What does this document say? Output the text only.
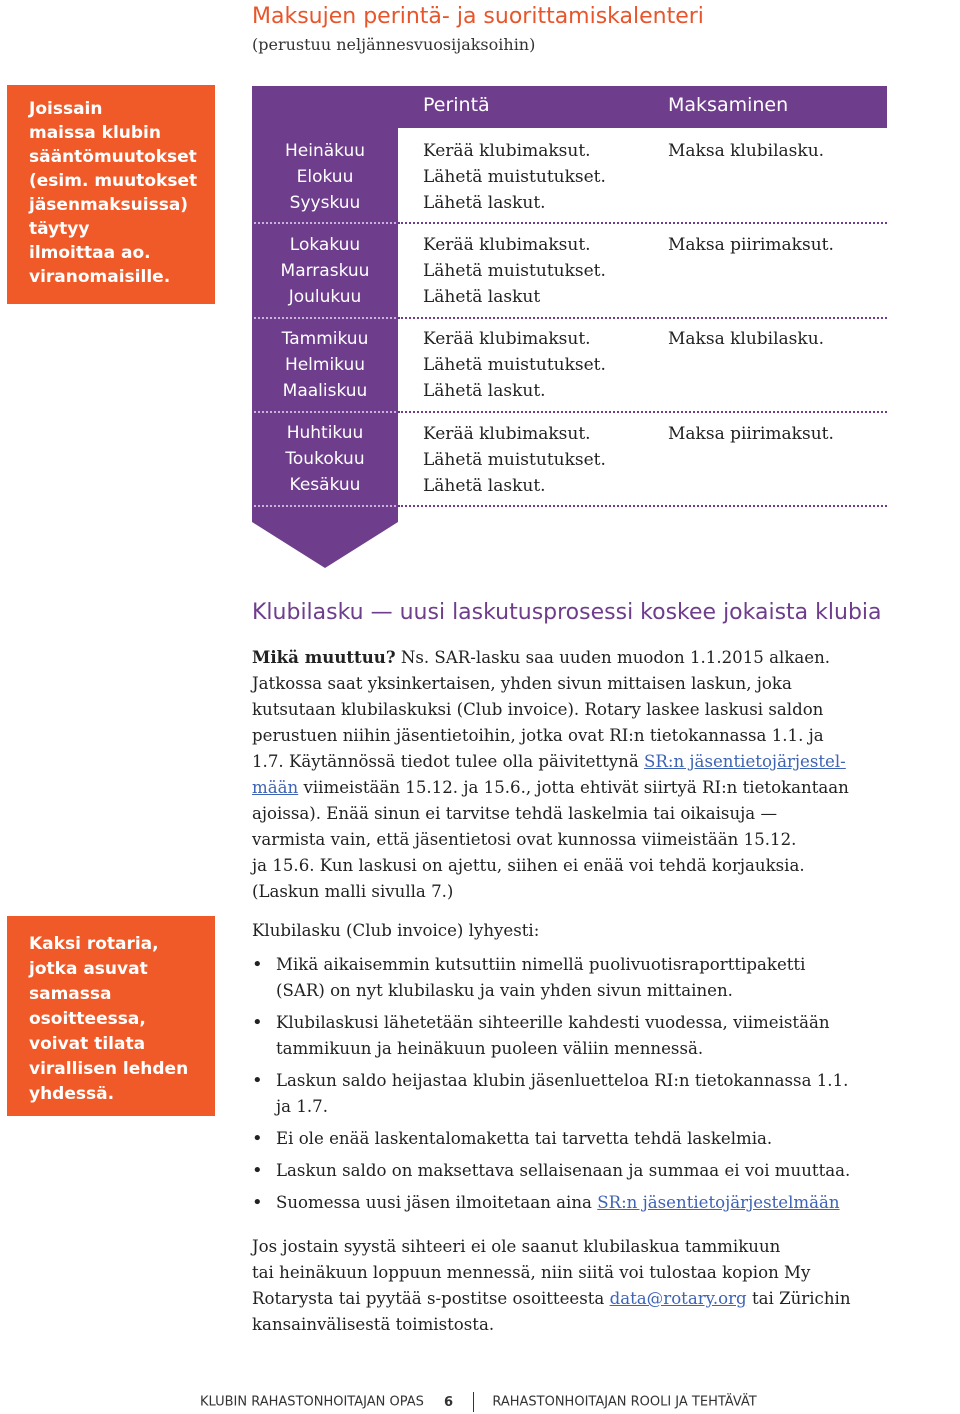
Maksujen perintä- ja suorittamiskalenteri
(perustuu neljännesvuosijaksoihin)
Joissain
maissa klubin
sääntömuutokset
(esim. muutokset
jäsenmaksuissa)
täytyy
ilmoittaa ao.
viranomaisille.
Kaksi rotaria,
jotka asuvat
samassa
osoitteessa,
voivat tilata
virallisen lehden
yhdessä.
Heinäkuu
Elokuu
Syyskuu
Lokakuu
Marraskuu
Joulukuu
Tammikuu
Helmikuu
Maaliskuu
Huhtikuu
Toukokuu
Kesäkuu
Perintä	Maksaminen
Kerää klubimaksut.
Lähetä muistutukset.
Lähetä laskut.
Maksa klubilasku.
Kerää klubimaksut.
Lähetä muistutukset.
Lähetä laskut
Maksa piirimaksut.
Kerää klubimaksut.
Lähetä muistutukset.
Lähetä laskut.
Maksa klubilasku.
Kerää klubimaksut.
Lähetä muistutukset.
Lähetä laskut.
Maksa piirimaksut.
Klubilasku — uusi laskutusprosessi koskee jokaista klubia
Mikä muuttuu? Ns. SAR-lasku saa uuden muodon 1.1.2015 alkaen.
Jatkossa saat yksinkertaisen, yhden sivun mittaisen laskun, joka
kutsutaan klubilaskuksi (Club invoice). Rotary laskee laskusi saldon
perustuen niihin jäsentietoihin, jotka ovat RI:n tietokannassa 1.1. ja
1.7. Käytännössä tiedot tulee olla päivitettynä SR:n jäsentietojärjestel-
mään viimeistään 15.12. ja 15.6., jotta ehtivät siirtyä RI:n tietokantaan
ajoissa). Enää sinun ei tarvitse tehdä laskelmia tai oikaisuja —
varmista vain, että jäsentietosi ovat kunnossa viimeistään 15.12.
ja 15.6. Kun laskusi on ajettu, siihen ei enää voi tehdä korjauksia.
(Laskun malli sivulla 7.)
Klubilasku (Club invoice) lyhyesti:
• Mikä aikaisemmin kutsuttiin nimellä puolivuotisraporttipaketti
(SAR) on nyt klubilasku ja vain yhden sivun mittainen.
• Klubilaskusi lähetetään sihteerille kahdesti vuodessa, viimeistään
tammikuun ja heinäkuun puoleen väliin mennessä.
• Laskun saldo heijastaa klubin jäsenluetteloa RI:n tietokannassa 1.1.
ja 1.7.
• Ei ole enää laskentalomaketta tai tarvetta tehdä laskelmia.
• Laskun saldo on maksettava sellaisenaan ja summaa ei voi muuttaa.
• Suomessa uusi jäsen ilmoitetaan aina SR:n jäsentietojärjestelmään
Jos jostain syystä sihteeri ei ole saanut klubilaskua tammikuun
tai heinäkuun loppuun mennessä, niin siitä voi tulostaa kopion My
Rotarysta tai pyytää s-postitse osoitteesta data@rotary.org tai Zürichin
kansainvälisestä toimistosta.
KLUBIN RAHASTONHOITAJAN OPAS 6	RAHASTONHOITAJAN ROOLI JA TEHTÄVÄT
